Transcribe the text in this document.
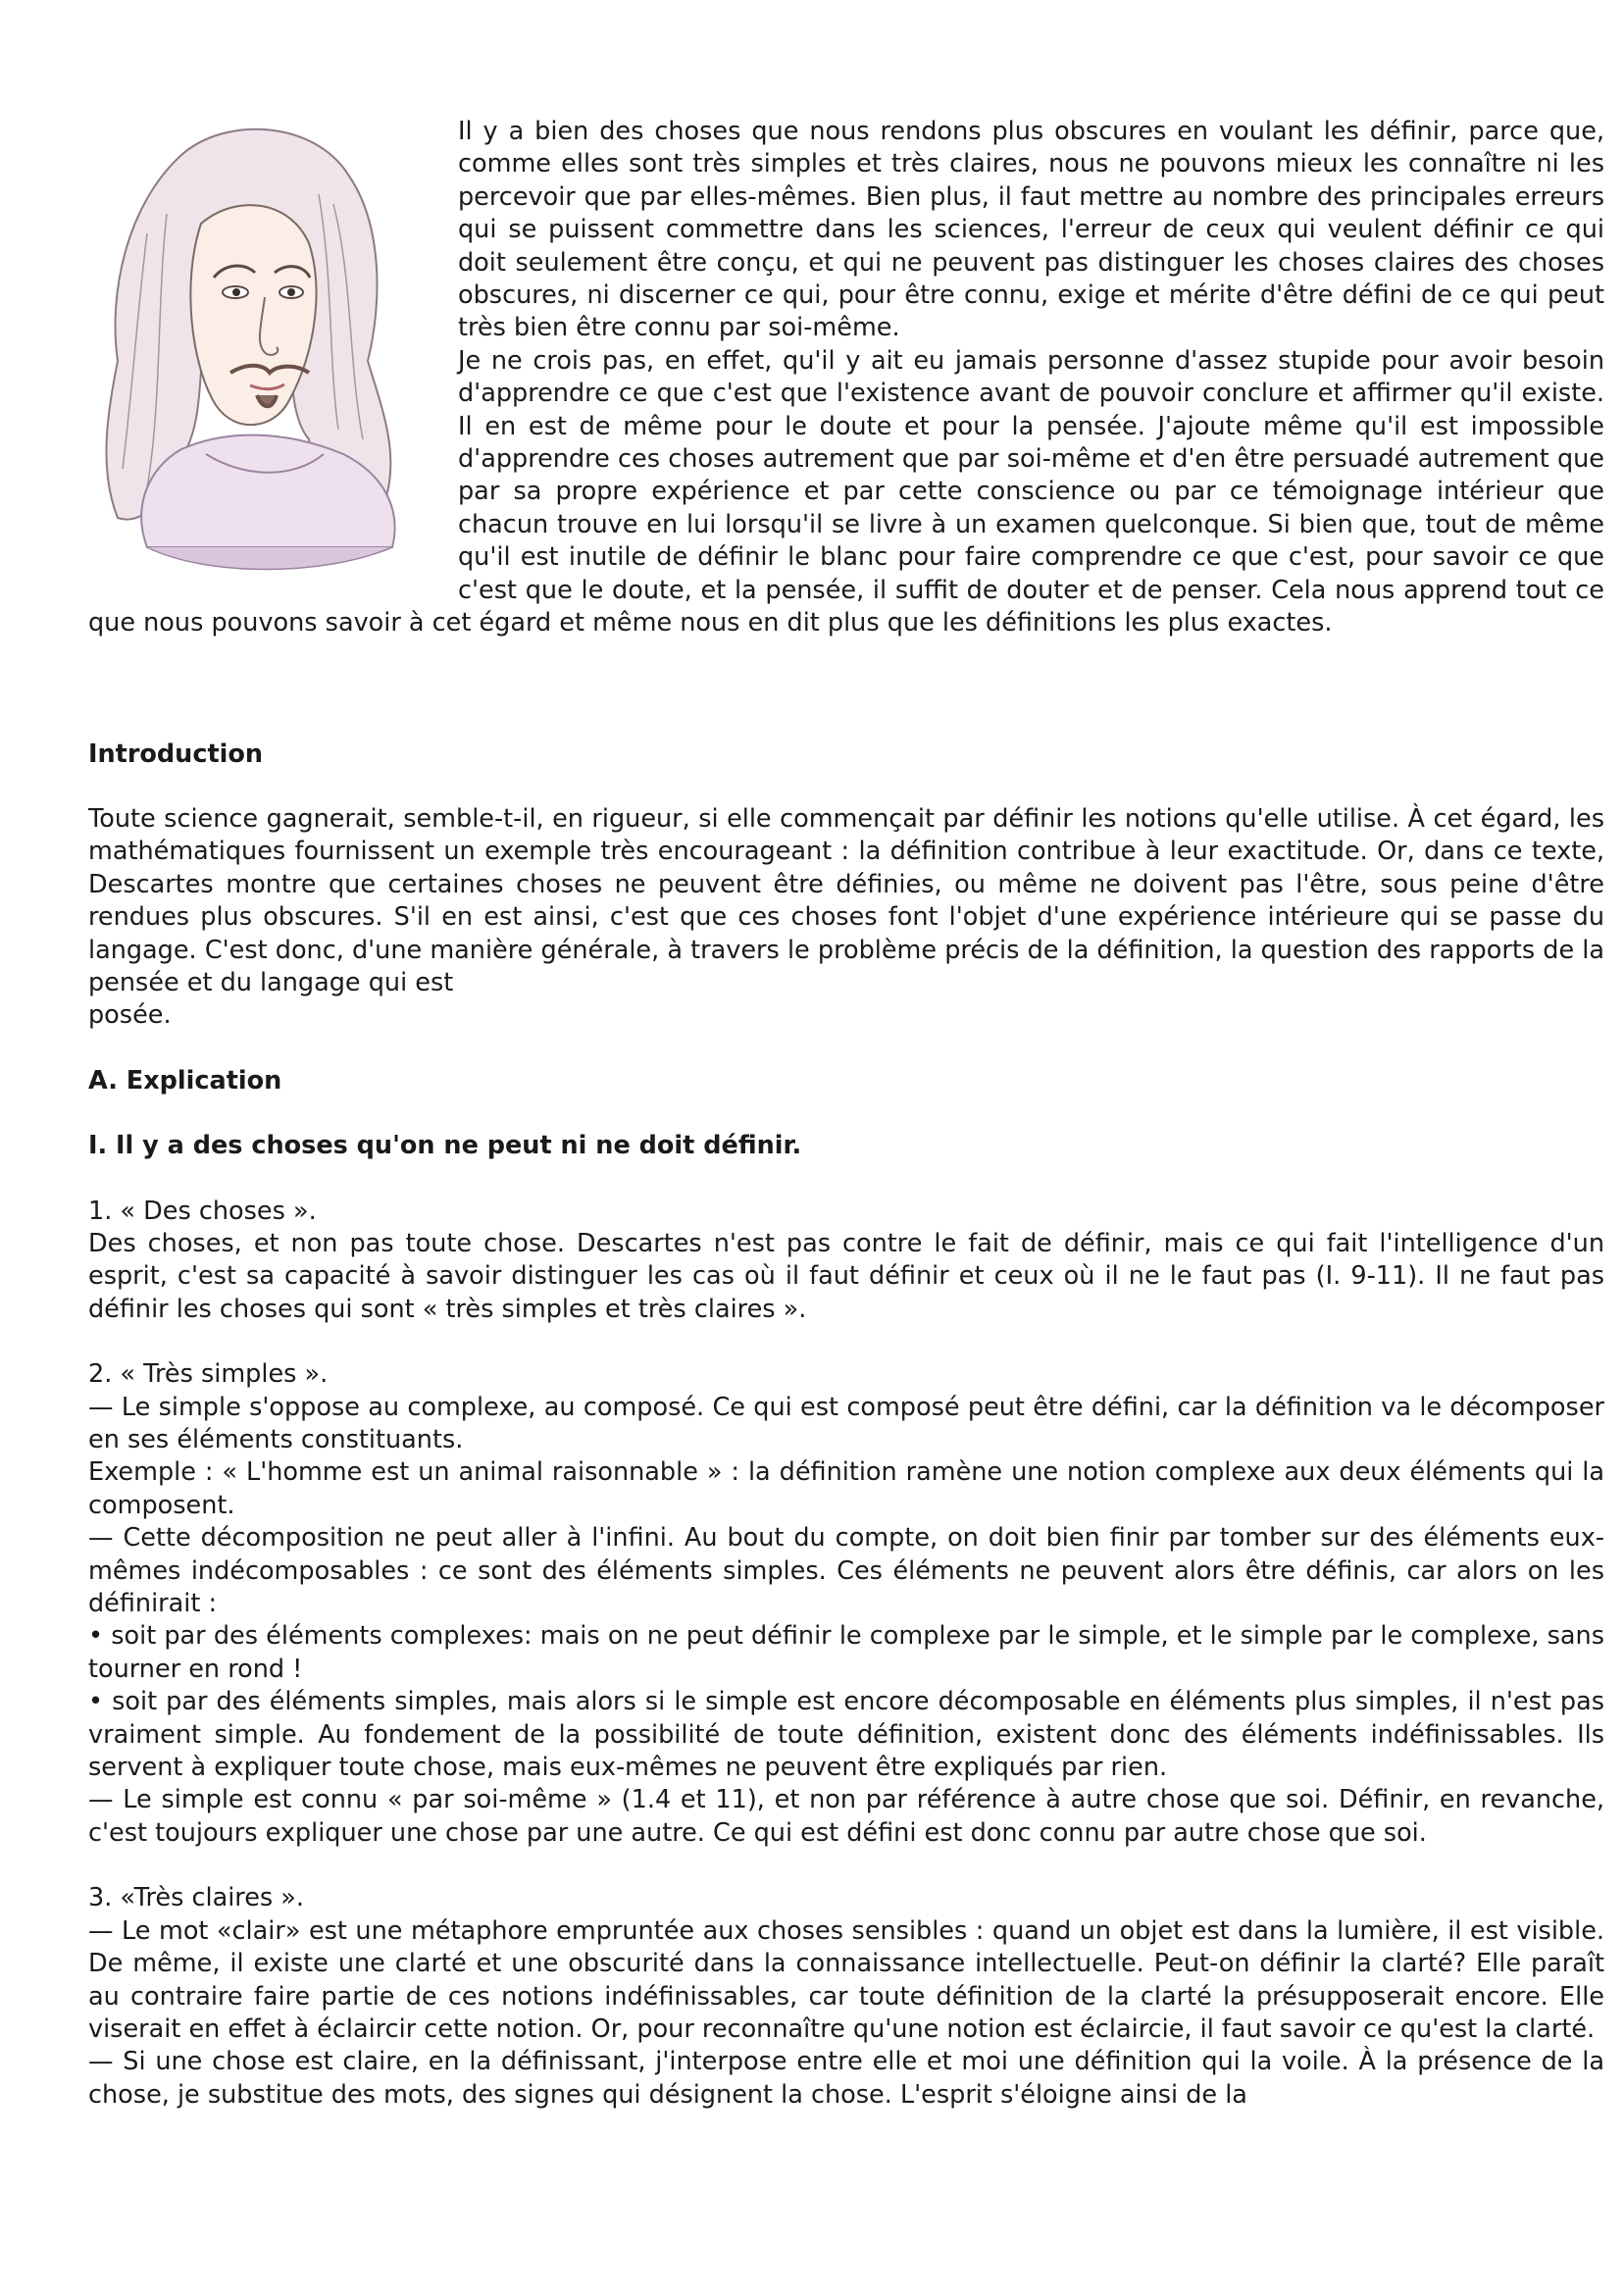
Il y a bien des choses que nous rendons plus obscures en voulant les définir, parce que, comme elles sont très simples et très claires, nous ne pouvons mieux les connaître ni les percevoir que par elles-mêmes. Bien plus, il faut mettre au nombre des principales erreurs qui se puissent commettre dans les sciences, l'erreur de ceux qui veulent définir ce qui doit seulement être conçu, et qui ne peuvent pas distinguer les choses claires des choses obscures, ni discerner ce qui, pour être connu, exige et mérite d'être défini de ce qui peut très bien être connu par soi-même.

Je ne crois pas, en effet, qu'il y ait eu jamais personne d'assez stupide pour avoir besoin d'apprendre ce que c'est que l'existence avant de pouvoir conclure et affirmer qu'il existe. Il en est de même pour le doute et pour la pensée. J'ajoute même qu'il est impossible d'apprendre ces choses autrement que par soi-même et d'en être persuadé autrement que par sa propre expérience et par cette conscience ou par ce témoignage intérieur que chacun trouve en lui lorsqu'il se livre à un examen quelconque. Si bien que, tout de même qu'il est inutile de définir le blanc pour faire comprendre ce que c'est, pour savoir ce que c'est que le doute, et la pensée, il suffit de douter et de penser. Cela nous apprend tout ce que nous pouvons savoir à cet égard et même nous en dit plus que les définitions les plus exactes.

Introduction

Toute science gagnerait, semble-t-il, en rigueur, si elle commençait par définir les notions qu'elle utilise. À cet égard, les mathématiques fournissent un exemple très encourageant : la définition contribue à leur exactitude. Or, dans ce texte, Descartes montre que certaines choses ne peuvent être définies, ou même ne doivent pas l'être, sous peine d'être rendues plus obscures. S'il en est ainsi, c'est que ces choses font l'objet d'une expérience intérieure qui se passe du langage. C'est donc, d'une manière générale, à travers le problème précis de la définition, la question des rapports de la pensée et du langage qui est

posée.

A. Explication

I. Il y a des choses qu'on ne peut ni ne doit définir.

1. « Des choses ».

Des choses, et non pas toute chose. Descartes n'est pas contre le fait de définir, mais ce qui fait l'intelligence d'un esprit, c'est sa capacité à savoir distinguer les cas où il faut définir et ceux où il ne le faut pas (I. 9-11). Il ne faut pas définir les choses qui sont « très simples et très claires ».

2. « Très simples ».

— Le simple s'oppose au complexe, au composé. Ce qui est composé peut être défini, car la définition va le décomposer en ses éléments constituants.

Exemple : « L'homme est un animal raisonnable » : la définition ramène une notion complexe aux deux éléments qui la composent.

— Cette décomposition ne peut aller à l'infini. Au bout du compte, on doit bien finir par tomber sur des éléments eux-mêmes indécomposables : ce sont des éléments simples. Ces éléments ne peuvent alors être définis, car alors on les définirait :

• soit par des éléments complexes: mais on ne peut définir le complexe par le simple, et le simple par le complexe, sans tourner en rond !

• soit par des éléments simples, mais alors si le simple est encore décomposable en éléments plus simples, il n'est pas vraiment simple. Au fondement de la possibilité de toute définition, existent donc des éléments indéfinissables. Ils servent à expliquer toute chose, mais eux-mêmes ne peuvent être expliqués par rien.

— Le simple est connu « par soi-même » (1.4 et 11), et non par référence à autre chose que soi. Définir, en revanche, c'est toujours expliquer une chose par une autre. Ce qui est défini est donc connu par autre chose que soi.

3. «Très claires ».

— Le mot «clair» est une métaphore empruntée aux choses sensibles : quand un objet est dans la lumière, il est visible. De même, il existe une clarté et une obscurité dans la connaissance intellectuelle. Peut-on définir la clarté? Elle paraît au contraire faire partie de ces notions indéfinissables, car toute définition de la clarté la présupposerait encore. Elle viserait en effet à éclaircir cette notion. Or, pour reconnaître qu'une notion est éclaircie, il faut savoir ce qu'est la clarté.

— Si une chose est claire, en la définissant, j'interpose entre elle et moi une définition qui la voile. À la présence de la chose, je substitue des mots, des signes qui désignent la chose. L'esprit s'éloigne ainsi de la
